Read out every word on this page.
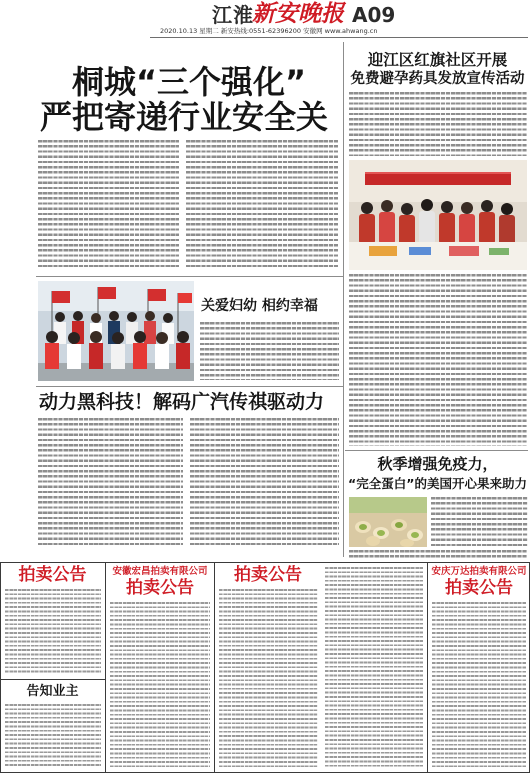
江淮
新安晚报 A09
2020.10.13 星期二 新安热线:0551-62396200 安徽网 www.ahwang.cn
桐城“三个强化”
严把寄递行业安全关
迎江区红旗社区开展
免费避孕药具发放宣传活动
关爱妇幼 相约幸福
动力黑科技！解码广汽传祺驱动力
秋季增强免疫力，
“完全蛋白”的美国开心果来助力
拍卖公告
告知业主
安徽宏昌拍卖有限公司
拍卖公告
拍卖公告	安庆万达拍卖有限公司
拍卖公告
